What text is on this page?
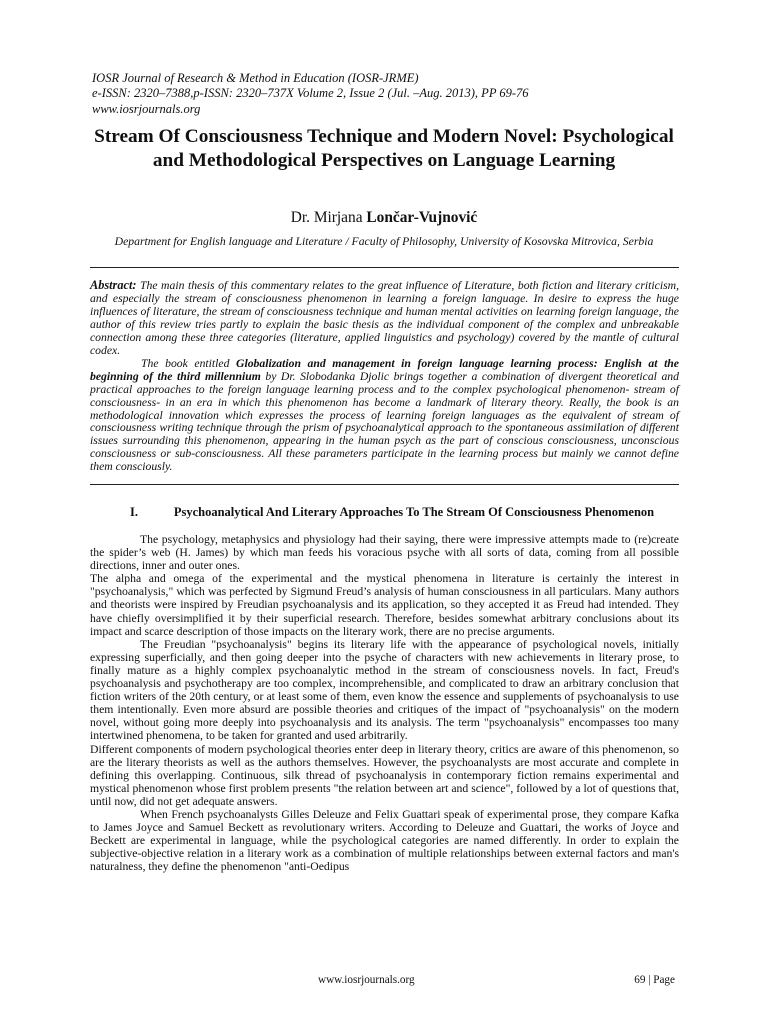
IOSR Journal of Research & Method in Education (IOSR-JRME)
e-ISSN: 2320–7388,p-ISSN: 2320–737X Volume 2, Issue 2 (Jul. –Aug. 2013), PP 69-76
www.iosrjournals.org
Stream Of Consciousness Technique and Modern Novel: Psychological and Methodological Perspectives on Language Learning
Dr. Mirjana Lončar-Vujnović
Department for English language and Literature / Faculty of Philosophy, University of Kosovska Mitrovica, Serbia

Abstract: The main thesis of this commentary relates to the great influence of Literature, both fiction and literary criticism, and especially the stream of consciousness phenomenon in learning a foreign language. In desire to express the huge influences of literature, the stream of consciousness technique and human mental activities on learning foreign language, the author of this review tries partly to explain the basic thesis as the individual component of the complex and unbreakable connection among these three categories (literature, applied linguistics and psychology) covered by the mantle of cultural codex.

The book entitled Globalization and management in foreign language learning process: English at the beginning of the third millennium by Dr. Slobodanka Djolic brings together a combination of divergent theoretical and practical approaches to the foreign language learning process and to the complex psychological phenomenon- stream of consciousness- in an era in which this phenomenon has become a landmark of literary theory. Really, the book is an methodological innovation which expresses the process of learning foreign languages as the equivalent of stream of consciousness writing technique through the prism of psychoanalytical approach to the spontaneous assimilation of different issues surrounding this phenomenon, appearing in the human psych as the part of conscious consciousness, unconscious consciousness or sub-consciousness. All these parameters participate in the learning process but mainly we cannot define them consciously.

I.	Psychoanalytical And Literary Approaches To The Stream Of Consciousness Phenomenon

The psychology, metaphysics and physiology had their saying, there were impressive attempts made to (re)create the spider’s web (H. James) by which man feeds his voracious psyche with all sorts of data, coming from all possible directions, inner and outer ones.

The alpha and omega of the experimental and the mystical phenomena in literature is certainly the interest in "psychoanalysis," which was perfected by Sigmund Freud’s analysis of human consciousness in all particulars. Many authors and theorists were inspired by Freudian psychoanalysis and its application, so they accepted it as Freud had intended. They have chiefly oversimplified it by their superficial research. Therefore, besides somewhat arbitrary conclusions about its impact and scarce description of those impacts on the literary work, there are no precise arguments.

The Freudian "psychoanalysis" begins its literary life with the appearance of psychological novels, initially expressing superficially, and then going deeper into the psyche of characters with new achievements in literary prose, to finally mature as a highly complex psychoanalytic method in the stream of consciousness novels. In fact, Freud's psychoanalysis and psychotherapy are too complex, incomprehensible, and complicated to draw an arbitrary conclusion that fiction writers of the 20th century, or at least some of them, even know the essence and supplements of psychoanalysis to use them intentionally. Even more absurd are possible theories and critiques of the impact of "psychoanalysis" on the modern novel, without going more deeply into psychoanalysis and its analysis. The term "psychoanalysis" encompasses too many intertwined phenomena, to be taken for granted and used arbitrarily.

Different components of modern psychological theories enter deep in literary theory, critics are aware of this phenomenon, so are the literary theorists as well as the authors themselves. However, the psychoanalysts are most accurate and complete in defining this overlapping. Continuous, silk thread of psychoanalysis in contemporary fiction remains experimental and mystical phenomenon whose first problem presents "the relation between art and science", followed by a lot of questions that, until now, did not get adequate answers.

When French psychoanalysts Gilles Deleuze and Felix Guattari speak of experimental prose, they compare Kafka to James Joyce and Samuel Beckett as revolutionary writers. According to Deleuze and Guattari, the works of Joyce and Beckett are experimental in language, while the psychological categories are named differently. In order to explain the subjective-objective relation in a literary work as a combination of multiple relationships between external factors and man's naturalness, they define the phenomenon "anti-Oedipus

www.iosrjournals.org	69 | Page
